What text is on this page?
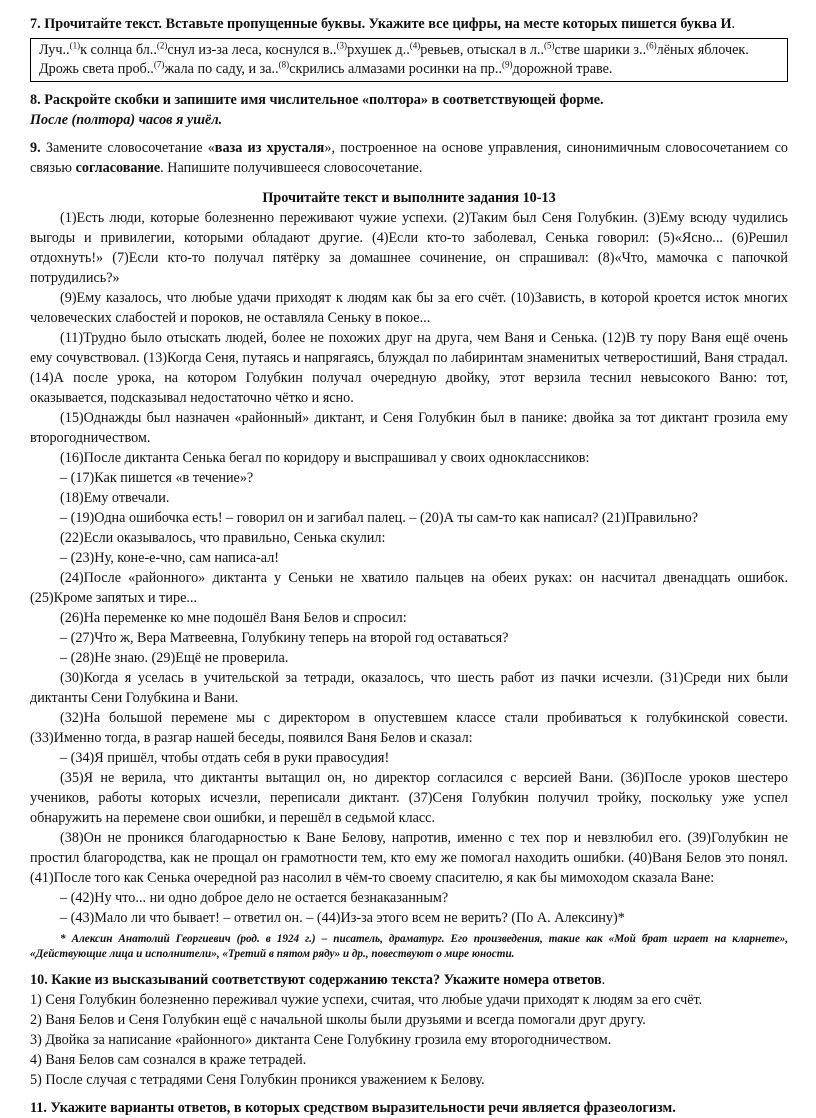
7. Прочитайте текст. Вставьте пропущенные буквы. Укажите все цифры, на месте которых пишется буква И.

Луч..$^{(1)}$к солнца бл..$^{(2)}$снул из-за леса, коснулся в..$^{(3)}$рхушек д..$^{(4)}$ревьев, отыскал в л..$^{(5)}$стве шарики з..$^{(6)}$лёных яблочек. Дрожь света проб..$^{(7)}$жала по саду, и за..$^{(8)}$скрились алмазами росинки на пр..$^{(9)}$дорожной траве.

8. Раскройте скобки и запишите имя числительное «полтора» в соответствующей форме.

После (полтора) часов я ушёл.

9. Замените словосочетание «ваза из хрусталя», построенное на основе управления, синонимичным словосочетанием со связью согласование. Напишите получившееся словосочетание.

Прочитайте текст и выполните задания 10-13

(1)Есть люди, которые болезненно переживают чужие успехи. (2)Таким был Сеня Голубкин. (3)Ему всюду чудились выгоды и привилегии, которыми обладают другие. (4)Если кто-то заболевал, Сенька говорил: (5)«Ясно... (6)Решил отдохнуть!» (7)Если кто-то получал пятёрку за домашнее сочинение, он спрашивал: (8)«Что, мамочка с папочкой потрудились?»

(9)Ему казалось, что любые удачи приходят к людям как бы за его счёт. (10)Зависть, в которой кроется исток многих человеческих слабостей и пороков, не оставляла Сеньку в покое...

(11)Трудно было отыскать людей, более не похожих друг на друга, чем Ваня и Сенька. (12)В ту пору Ваня ещё очень ему сочувствовал. (13)Когда Сеня, путаясь и напрягаясь, блуждал по лабиринтам знаменитых четверостиший, Ваня страдал. (14)А после урока, на котором Голубкин получал очередную двойку, этот верзила теснил невысокого Ваню: тот, оказывается, подсказывал недостаточно чётко и ясно.

(15)Однажды был назначен «районный» диктант, и Сеня Голубкин был в панике: двойка за тот диктант грозила ему второгодничеством.

(16)После диктанта Сенька бегал по коридору и выспрашивал у своих одноклассников:

– (17)Как пишется «в течение»?

(18)Ему отвечали.

– (19)Одна ошибочка есть! – говорил он и загибал палец. – (20)А ты сам-то как написал? (21)Правильно?

(22)Если оказывалось, что правильно, Сенька скулил:

– (23)Ну, коне-е-чно, сам написа-ал!

(24)После «районного» диктанта у Сеньки не хватило пальцев на обеих руках: он насчитал двенадцать ошибок. (25)Кроме запятых и тире...

(26)На переменке ко мне подошёл Ваня Белов и спросил:

– (27)Что ж, Вера Матвеевна, Голубкину теперь на второй год оставаться?

– (28)Не знаю. (29)Ещё не проверила.

(30)Когда я уселась в учительской за тетради, оказалось, что шесть работ из пачки исчезли. (31)Среди них были диктанты Сени Голубкина и Вани.

(32)На большой перемене мы с директором в опустевшем классе стали пробиваться к голубкинской совести. (33)Именно тогда, в разгар нашей беседы, появился Ваня Белов и сказал:

– (34)Я пришёл, чтобы отдать себя в руки правосудия!

(35)Я не верила, что диктанты вытащил он, но директор согласился с версией Вани. (36)После уроков шестеро учеников, работы которых исчезли, переписали диктант. (37)Сеня Голубкин получил тройку, поскольку уже успел обнаружить на перемене свои ошибки, и перешёл в седьмой класс.

(38)Он не проникся благодарностью к Ване Белову, напротив, именно с тех пор и невзлюбил его. (39)Голубкин не простил благородства, как не прощал он грамотности тем, кто ему же помогал находить ошибки. (40)Ваня Белов это понял. (41)После того как Сенька очередной раз насолил в чём-то своему спасителю, я как бы мимоходом сказала Ване:

– (42)Ну что... ни одно доброе дело не остается безнаказанным?

– (43)Мало ли что бывает! – ответил он. – (44)Из-за этого всем не верить? (По А. Алексину)*

* Алексин Анатолий Георгиевич (род. в 1924 г.) – писатель, драматург. Его произведения, такие как «Мой брат играет на кларнете», «Действующие лица и исполнители», «Третий в пятом ряду» и др., повествуют о мире юности.

10. Какие из высказываний соответствуют содержанию текста? Укажите номера ответов.

1) Сеня Голубкин болезненно переживал чужие успехи, считая, что любые удачи приходят к людям за его счёт.

2) Ваня Белов и Сеня Голубкин ещё с начальной школы были друзьями и всегда помогали друг другу.

3) Двойка за написание «районного» диктанта Сене Голубкину грозила ему второгодничеством.

4) Ваня Белов сам сознался в краже тетрадей.

5) После случая с тетрадями Сеня Голубкин проникся уважением к Белову.

11. Укажите варианты ответов, в которых средством выразительности речи является фразеологизм.
